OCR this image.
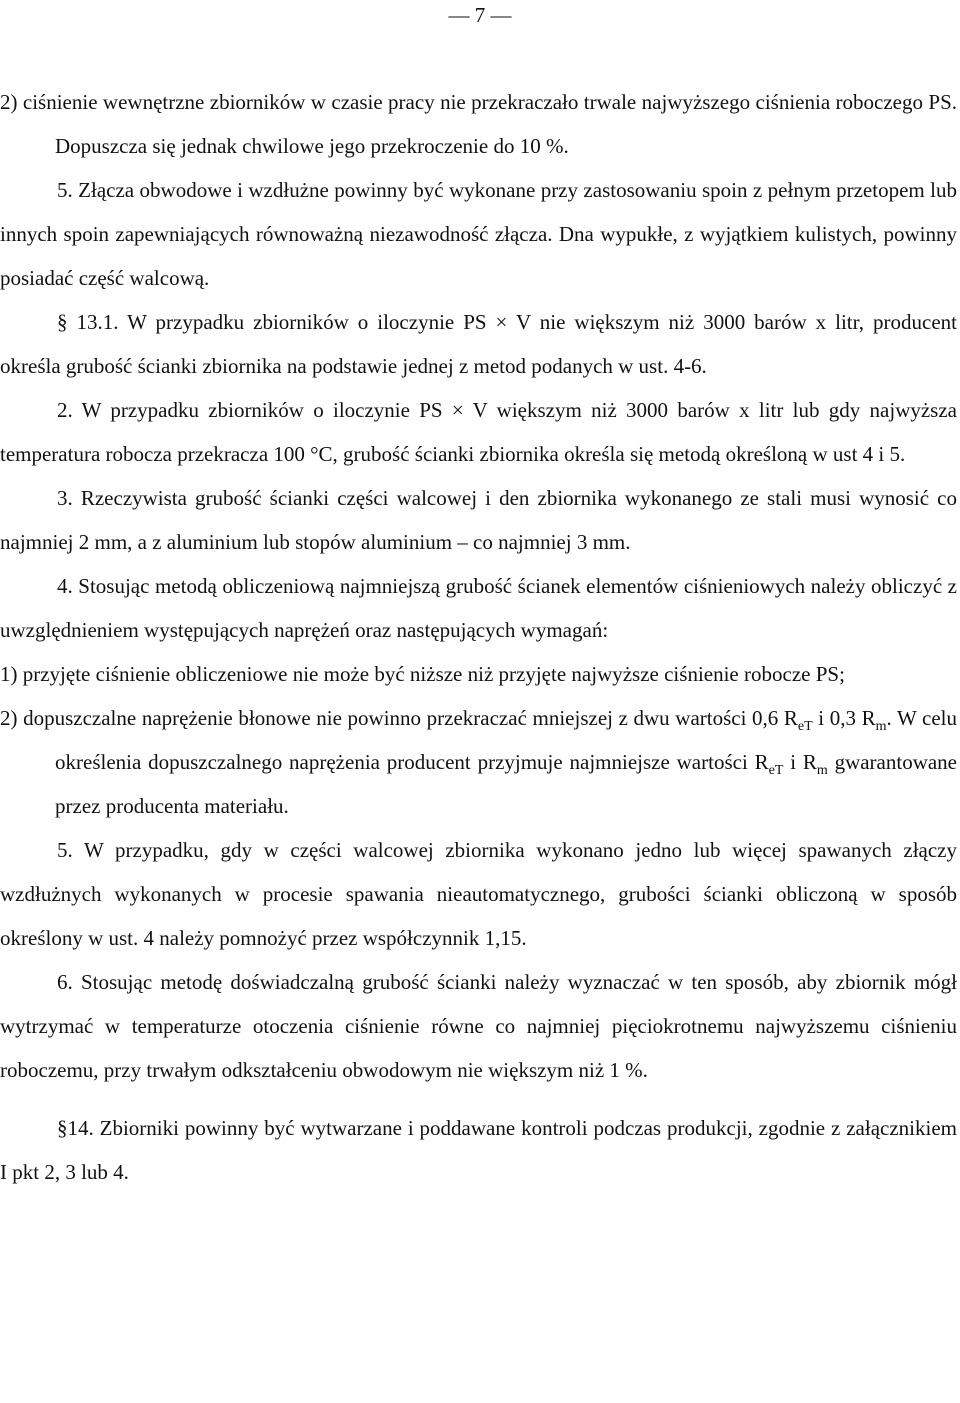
— 7 —

2) ciśnienie wewnętrzne zbiorników w czasie pracy nie przekraczało trwale najwyższego ciśnienia roboczego PS. Dopuszcza się jednak chwilowe jego przekroczenie do 10 %.

5. Złącza obwodowe i wzdłużne powinny być wykonane przy zastosowaniu spoin z pełnym przetopem lub innych spoin zapewniających równoważną niezawodność złącza. Dna wypukłe, z wyjątkiem kulistych, powinny posiadać część walcową.

§ 13.1. W przypadku zbiorników o iloczynie PS × V nie większym niż 3000 barów x litr, producent określa grubość ścianki zbiornika na podstawie jednej z metod podanych w ust. 4-6.

2. W przypadku zbiorników o iloczynie PS × V większym niż 3000 barów x litr lub gdy najwyższa temperatura robocza przekracza 100 °C, grubość ścianki zbiornika określa się metodą określoną w ust 4 i 5.

3. Rzeczywista grubość ścianki części walcowej i den zbiornika wykonanego ze stali musi wynosić co najmniej 2 mm, a z aluminium lub stopów aluminium – co najmniej 3 mm.

4. Stosując metodą obliczeniową najmniejszą grubość ścianek elementów ciśnieniowych należy obliczyć z uwzględnieniem występujących naprężeń oraz następujących wymagań:

1) przyjęte ciśnienie obliczeniowe nie może być niższe niż przyjęte najwyższe ciśnienie robocze PS;

2) dopuszczalne naprężenie błonowe nie powinno przekraczać mniejszej z dwu wartości 0,6 $R_{eT}$ i 0,3 $R_m$. W celu określenia dopuszczalnego naprężenia producent przyjmuje najmniejsze wartości $R_{eT}$ i $R_m$ gwarantowane przez producenta materiału.

5. W przypadku, gdy w części walcowej zbiornika wykonano jedno lub więcej spawanych złączy wzdłużnych wykonanych w procesie spawania nieautomatycznego, grubości ścianki obliczoną w sposób określony w ust. 4 należy pomnożyć przez współczynnik 1,15.

6. Stosując metodę doświadczalną grubość ścianki należy wyznaczać w ten sposób, aby zbiornik mógł wytrzymać w temperaturze otoczenia ciśnienie równe co najmniej pięciokrotnemu najwyższemu ciśnieniu roboczemu, przy trwałym odkształceniu obwodowym nie większym niż 1 %.

§14. Zbiorniki powinny być wytwarzane i poddawane kontroli podczas produkcji, zgodnie z załącznikiem I pkt 2, 3 lub 4.
